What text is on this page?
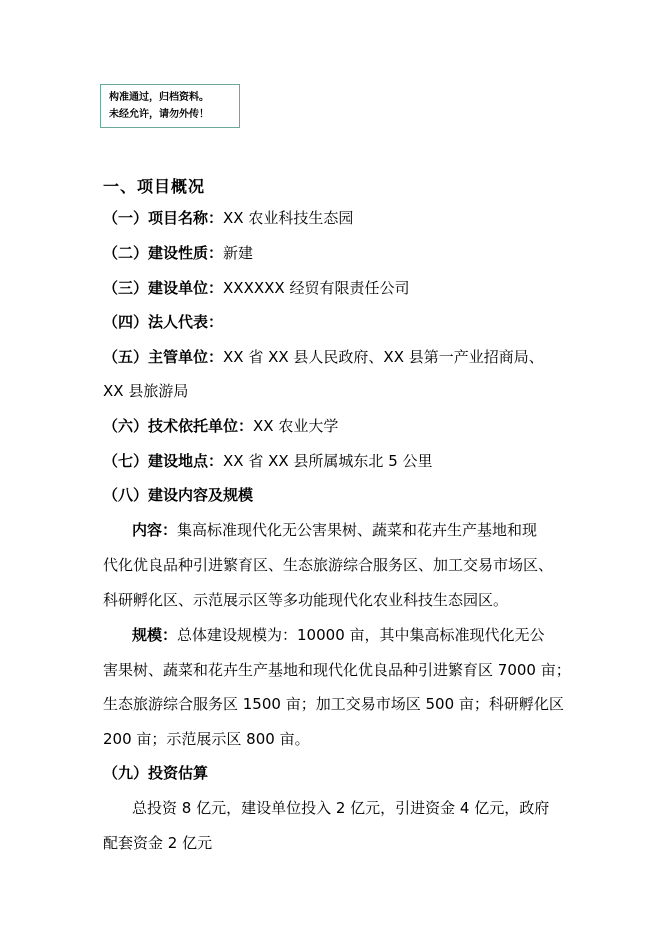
构准通过，归档资料。
未经允许，请勿外传！
一、项目概况
（一）项目名称：XX 农业科技生态园
（二）建设性质：新建
（三）建设单位：XXXXXX 经贸有限责任公司
（四）法人代表：
（五）主管单位：XX 省 XX 县人民政府、XX 县第一产业招商局、
XX 县旅游局
（六）技术依托单位：XX 农业大学
（七）建设地点：XX 省 XX 县所属城东北 5 公里
（八）建设内容及规模
内容：集高标准现代化无公害果树、蔬菜和花卉生产基地和现
代化优良品种引进繁育区、生态旅游综合服务区、加工交易市场区、
科研孵化区、示范展示区等多功能现代化农业科技生态园区。
规模：总体建设规模为：10000 亩，其中集高标准现代化无公
害果树、蔬菜和花卉生产基地和现代化优良品种引进繁育区 7000 亩；
生态旅游综合服务区 1500 亩；加工交易市场区 500 亩；科研孵化区
200 亩；示范展示区 800 亩。
（九）投资估算
总投资 8 亿元，建设单位投入 2 亿元，引进资金 4 亿元，政府
配套资金 2 亿元
